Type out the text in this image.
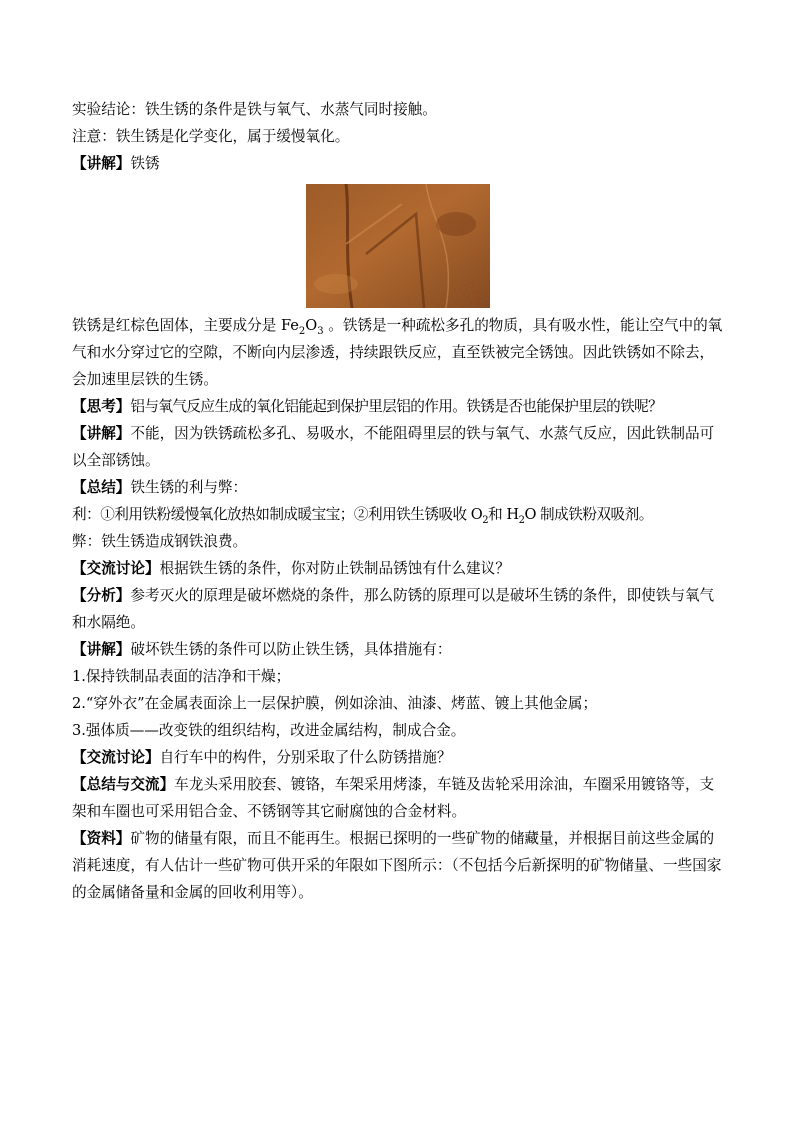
实验结论：铁生锈的条件是铁与氧气、水蒸气同时接触。

注意：铁生锈是化学变化，属于缓慢氧化。

【讲解】铁锈

铁锈是红棕色固体，主要成分是 $Fe_2O_3$ 。铁锈是一种疏松多孔的物质，具有吸水性，能让空气中的氧气和水分穿过它的空隙，不断向内层渗透，持续跟铁反应，直至铁被完全锈蚀。因此铁锈如不除去，会加速里层铁的生锈。

【思考】铝与氧气反应生成的氧化铝能起到保护里层铝的作用。铁锈是否也能保护里层的铁呢？

【讲解】不能，因为铁锈疏松多孔、易吸水，不能阻碍里层的铁与氧气、水蒸气反应，因此铁制品可以全部锈蚀。

【总结】铁生锈的利与弊：

利：①利用铁粉缓慢氧化放热如制成暖宝宝；②利用铁生锈吸收 $O_2$和 $H_2O$ 制成铁粉双吸剂。

弊：铁生锈造成钢铁浪费。

【交流讨论】根据铁生锈的条件，你对防止铁制品锈蚀有什么建议？

【分析】参考灭火的原理是破坏燃烧的条件，那么防锈的原理可以是破坏生锈的条件，即使铁与氧气和水隔绝。

【讲解】破坏铁生锈的条件可以防止铁生锈，具体措施有：

1.保持铁制品表面的洁净和干燥；

2.“穿外衣”在金属表面涂上一层保护膜，例如涂油、油漆、烤蓝、镀上其他金属；

3.强体质——改变铁的组织结构，改进金属结构，制成合金。

【交流讨论】自行车中的构件，分别采取了什么防锈措施？

【总结与交流】车龙头采用胶套、镀铬，车架采用烤漆，车链及齿轮采用涂油，车圈采用镀铬等，支架和车圈也可采用铝合金、不锈钢等其它耐腐蚀的合金材料。

【资料】矿物的储量有限，而且不能再生。根据已探明的一些矿物的储藏量，并根据目前这些金属的消耗速度，有人估计一些矿物可供开采的年限如下图所示：（不包括今后新探明的矿物储量、一些国家的金属储备量和金属的回收利用等）。
